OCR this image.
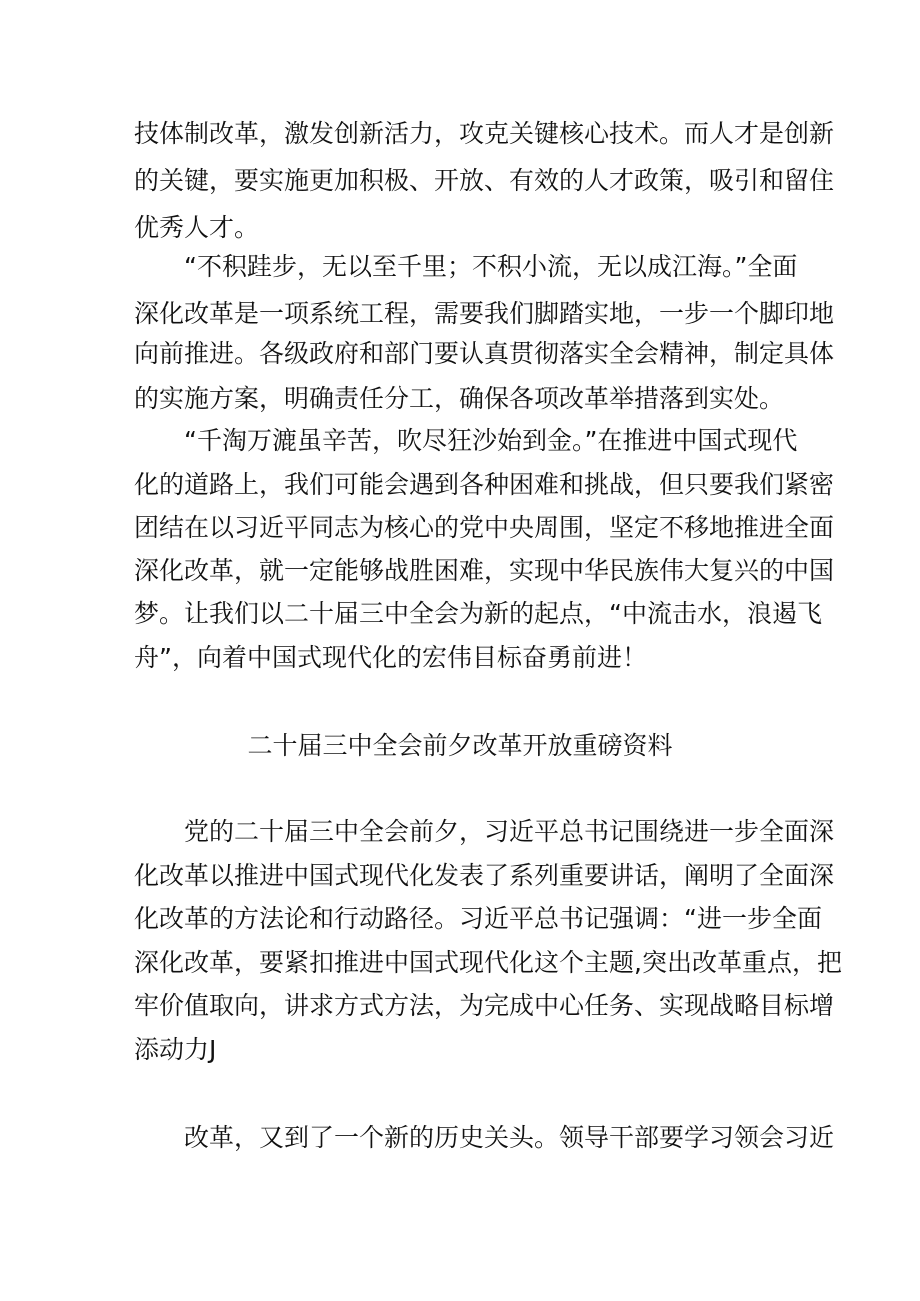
技体制改革，激发创新活力，攻克关键核心技术。而人才是创新
的关键，要实施更加积极、开放、有效的人才政策，吸引和留住
优秀人才。
“不积跬步，无以至千里；不积小流，无以成江海。”全面
深化改革是一项系统工程，需要我们脚踏实地，一步一个脚印地
向前推进。各级政府和部门要认真贯彻落实全会精神，制定具体
的实施方案，明确责任分工，确保各项改革举措落到实处。
“千淘万漉虽辛苦，吹尽狂沙始到金。”在推进中国式现代
化的道路上，我们可能会遇到各种困难和挑战，但只要我们紧密
团结在以习近平同志为核心的党中央周围，坚定不移地推进全面
深化改革，就一定能够战胜困难，实现中华民族伟大复兴的中国
梦。让我们以二十届三中全会为新的起点，“中流击水，浪遏飞
舟”，向着中国式现代化的宏伟目标奋勇前进！
二十届三中全会前夕改革开放重磅资料
党的二十届三中全会前夕，习近平总书记围绕进一步全面深
化改革以推进中国式现代化发表了系列重要讲话，阐明了全面深
化改革的方法论和行动路径。习近平总书记强调：“进一步全面
深化改革，要紧扣推进中国式现代化这个主题,突出改革重点，把
牢价值取向，讲求方式方法，为完成中心任务、实现战略目标增
添动力J
改革，又到了一个新的历史关头。领导干部要学习领会习近
